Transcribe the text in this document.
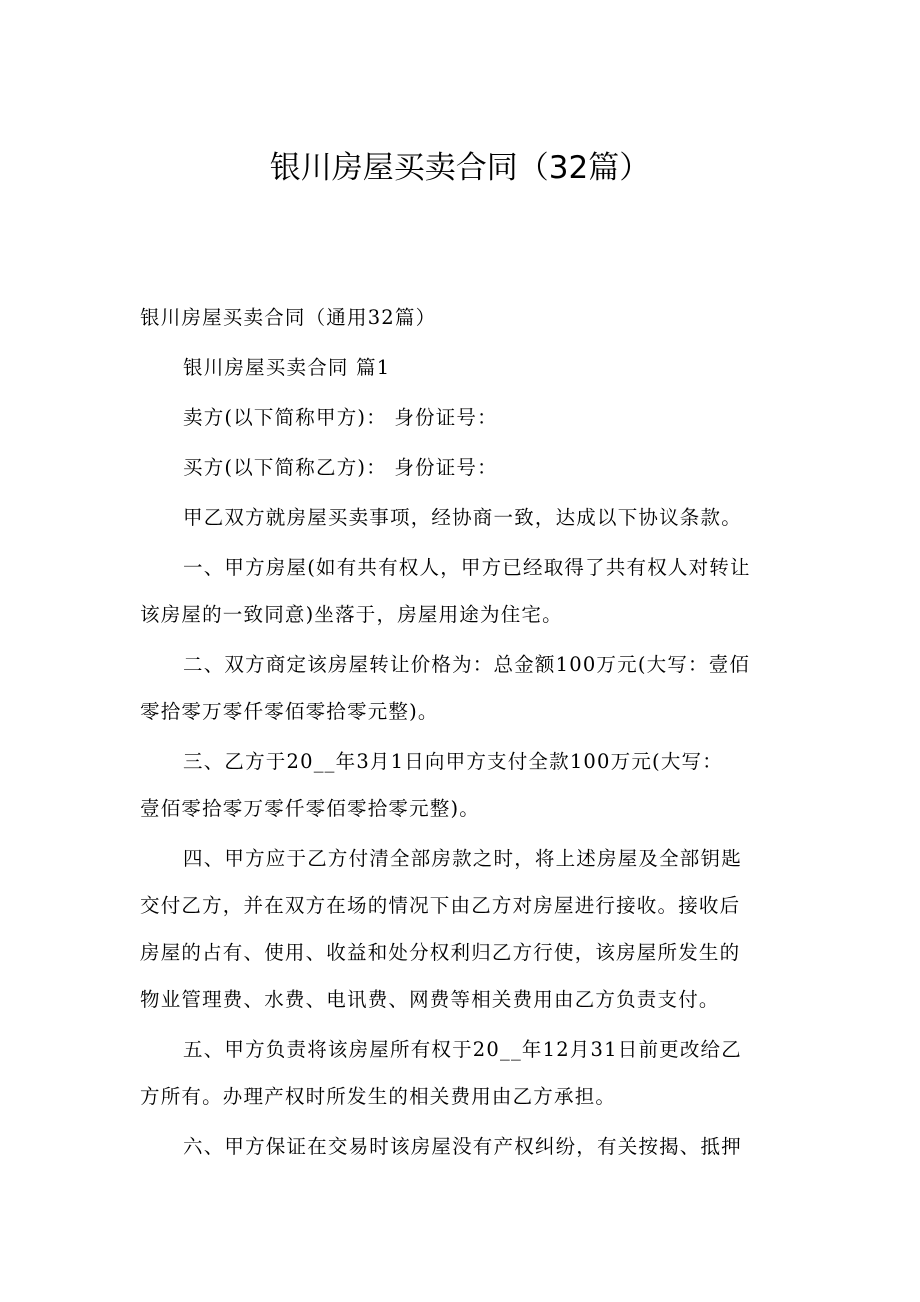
银川房屋买卖合同（32篇）
银川房屋买卖合同（通用32篇）
银川房屋买卖合同 篇1
卖方(以下简称甲方)： 身份证号：
买方(以下简称乙方)： 身份证号：
甲乙双方就房屋买卖事项，经协商一致，达成以下协议条款。
一、甲方房屋(如有共有权人，甲方已经取得了共有权人对转让
该房屋的一致同意)坐落于，房屋用途为住宅。
二、双方商定该房屋转让价格为：总金额100万元(大写：壹佰
零拾零万零仟零佰零拾零元整)。
三、乙方于20__年3月1日向甲方支付全款100万元(大写：
壹佰零拾零万零仟零佰零拾零元整)。
四、甲方应于乙方付清全部房款之时，将上述房屋及全部钥匙
交付乙方，并在双方在场的情况下由乙方对房屋进行接收。接收后
房屋的占有、使用、收益和处分权利归乙方行使，该房屋所发生的
物业管理费、水费、电讯费、网费等相关费用由乙方负责支付。
五、甲方负责将该房屋所有权于20__年12月31日前更改给乙
方所有。办理产权时所发生的相关费用由乙方承担。
六、甲方保证在交易时该房屋没有产权纠纷，有关按揭、抵押
